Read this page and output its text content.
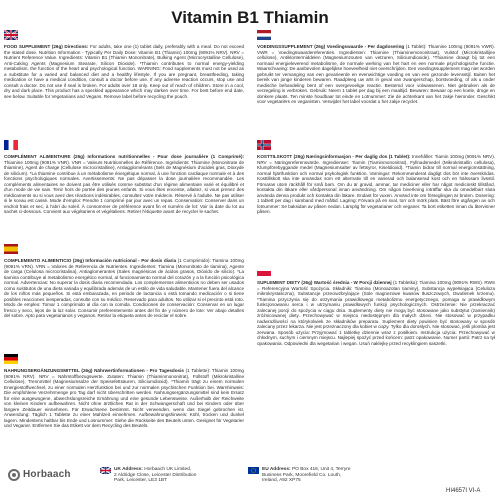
Vitamin B1 Thiamin
FOOD SUPPLEMENT (26g) Directions: For adults, take one (1) tablet daily, preferably with a meal. Do not exceed the stated dose. Nutrition Information - Typically Per Daily Dose: Vitamin B1 (Thiamin) 100mg (9091% NRV). NRV = Nutrient Reference Value. Ingredients: Vitamin B1 (Thiamin Mononitrate), Bulking Agent (Microcrystalline Cellulose), Anti-Caking Agents (Magnesium Stearate, Silicon Dioxide). *Thiamin contributes to normal energy-yielding metabolism, the function of the heart and psychological function. WARNING: Food supplements must not be used as a substitute for a varied and balanced diet and a healthy lifestyle. If you are pregnant, breastfeeding, taking medication or have a medical condition, consult a doctor before use. If any adverse reaction occurs, stop use and consult a doctor. Do not use if seal is broken. For adults over 18 only. Keep out of reach of children. Store in a cool, dry and dark place. This product has a speckled appearance which may darken over time. For best before end date, see below. Suitable for Vegetarians and Vegans. Remove label before recycling the pouch.
COMPLÉMENT ALIMENTAIRE (26g) Informations nutritionnelles - Pour dose journalière (1 Comprimé): Thiamine 100mg (9091% VNR). VNR = Valeurs Nutritionnelles de Référence. Ingrédients: Thiamine (Mononitrate de thiamine), Agent de charge (Cellulose microcristalline), Antiagglomérants (Sels de Magnésium d'acides gras, Dioxyde de silicium). *La thiamine contribue à un métabolisme énergétique normal, à une fonction cardiaque normale et à des fonctions psychologiques normales. Avertissements: Ne pas dépasser la dose journalière recommandée. Les compléments alimentaires ne doivent pas être utilisés comme substitut d'un régime alimentaire varié et équilibré et d'un mode de vie sain. Tenir hors de portée des jeunes enfants. Si vous êtes enceinte, allaitez, si vous prenez des médicaments ou si vous avez des réactions indésirables, consultez votre médecin. Réservé à l'adulte. Ne pas utiliser si le sceau est cassé. Mode d'emploi: Prendre 1 comprimé par jour avec un repas. Conservation: Conserver dans un endroit frais et sec, à l'abri du soleil. À consommer de préférence avant fin et numéro de lot: Voir la date du lot au sachet ci-dessous. Convient aux végétariens et végétaliens. Retirer l'étiquette avant de recycler le sachet.
COMPLEMENTO ALIMENTICIO (26g) Información nutricional - Por dosis diaria (1 Comprimido): Tiamina 100mg (9091% VRN). VRN = Valores de Referencia de Nutrientes. Ingredientes: Tiamina (Mononitrato de tiamina), Agente de carga (Celulosa microcristalina), Antiaglomerantes (Sales magnésicas de ácidos grasos, Dióxido de silicio). *La tiamina contribuye al metabolismo energético normal, al funcionamiento normal del corazón y a la función psicológica normal. Advertencias: No superar la dosis diaria recomendada. Los complementos alimenticios no deben ser usados como sustitutos de una dieta variada y equilibrada además de un estilo de vida saludable. Mantener fuera del alcance de los niños más pequeños. Si está embarazada, en periodo de lactancia o está tomando medicación o si tiene posibles reacciones inesperadas, consulte con su médico. Reservado para adultos. No utilizar si el precinto está roto. Modo de empleo: Tomar 1 comprimido al día con la comida. Condiciones de conservación: Conservar en un lugar fresco y seco, lejos de la luz solar. Consumir preferentemente antes del fin de y número de lote: Ver abajo detalles del sobre. Apto para vegetarianos y veganos. Retirar la etiqueta antes de reciclar el sobre.
NAHRUNGSERGÄNZUNGSMITTEL (26g) Nährwertinformationen - Pro Tagesdosis (1 Tablette): Thiamin 100mg (9091% NRV). NRV = Nährstoffbezugswerte. Zutaten: Thiamin (Thiaminmononitrat), Füllstoff (Mikrokristalline Cellulose), Trennmittel (Magnesiumsalze der Speisefettsäuren, Siliciumdioxid). *Thiamin trägt zu einem normalen Energiestoffwechsel, zu einer normalen Herzfunktion bei und zur normalen psychischen Funktion bei. Warnhinweis: Die empfohlene Verzehrmenge pro Tag darf nicht überschritten werden. Nahrungsergänzungsmittel sind kein Ersatz für eine ausgewogene, abwechslungsreiche Ernährung und eine gesunde Lebensweise. Außerhalb der Reichweite von kleinen Kindern aufbewahren. Nicht ohne ärztlichen Rat in der Schwangerschaft und bei Kindern oder über längere Zeitdauer einnehmen. Für Erwachsene bestimmt. Nicht verwenden, wenn das Siegel gebrochen ist. Anwendung: Täglich 1 Tablette zu einer Mahlzeit einnehmen. Aufbewahrungshinweis: Kühl, trocken und dunkel lagern. Mindestens haltbar bis Ende und Losnummer: Siehe die Rückseite des Beutels unten. Geeignet für Vegetarier und Veganer. Entfernen Sie das Etikett vor dem Recycling des Beutels.
VOEDINGSSUPPLEMENT (26g) Voedingswaarde - Per dagdosering (1 Tablet): Thiamine 100mg (9091% VWR). VWR = Voedingswaardereferenties. Ingrediënten: Thiamine (Thiaminemononitraat), Vulstof (Microkristallijne cellulose), Antiklontermiddelen (Magnesiumzouten van vetzuren, Siliciumdioxide). *Thiamine draagt bij tot een normaal energieleverend metabolisme, de normale werking van het hart en een normale psychologische functie. Waarschuwing: De aanbevolen dagelijkse hoeveelheid niet overschrijden. Een voedingssupplement mag niet worden gebruikt ter vervanging van een gevarieerde en evenwichtige voeding en van een gezonde levensstijl. Buiten het bereik van jonge kinderen bewaren. Raadpleeg uw arts in geval van zwangerschap, borstvoeding, of als u onder medische behandeling bent of een overgevoelige reactie. Bestemd voor volwassenen. Niet gebruiken als de verzegeling is verbroken. Gebruik: Neem 1 tablet per dag bij een maaltijd. Bewaren: Bewaar op een koele, droge en donkere plaats. Ten minste houdbaar tot einde en Lotnummer: Zie de achterkant van het zakje hieronder. Geschikt voor vegetariërs en veganisten. Verwijder het label voordat u het zakje recyclet.
KOSTTILSKOTT (26g) Næringsinformasjon - Per daglig dos (1 Tablet): Innehåller: Tiamin 100mg (9091% NRV). NRV = Näringsreferensvärde. Ingredienser: Tiamin (Tiaminmononitrat), Fyllnadsmedel (Mikrokristallin cellulosa), Klumpförebyggande medel (Magnesiumsalter av fettsyror, Kiseldioxid). *Tiamin bidrar till normal energiomsättning, normal hjärtfunktion och normal psykologisk funktion. Varningar: Rekommenderat dagligt dos bör inte överskridas. Kosttillskott ska inte användas som ett alternativ till en varierad och balanserad kost och en hälsosam livsstil. Förvaras utom räckhåll för små barn. Om du är gravid, ammar, tar mediciner eller har något medicinskt tillstånd, kontakta din läkare eller vårdpersonal innan användning. Om någon biverkning inträffar ska du omedelbart sluta använda denna produkt och kontakta din läkare. Endast för vuxen. Använd inte om förseglingen är bruten. Dosering: 1 tablett per dag i samband med måltid. Lagring: Förvara på en sval, torr och mörk plats. Bäst före utgången av och lotnummer: Se baksidan av påsen nedan. Lämplig för vegetarianer och veganer. Ta bort etiketten innan du återvinner påsen.
SUPLEMENT DIETY (26g) Wartość średnia - W Porcji dziennej (1 Tabletka): Tiamina 100mg (9091% RWS). RWS = Referencyjna Wartość Spożycia. Składniki: Tiamina (Monoazotan tiaminy), Substancja wypełniająca (Celuloza mikrokrystaliczna), Substancje przeciwzbrylające (Sole magnezowe kwasów tłuszczowych, Dwutlenek krzemu). *Tiamina przyczynia się do utrzymania prawidłowego metabolizmu energetycznego, pomaga w prawidłowym funkcjonowaniu serca i w utrzymaniu prawidłowych funkcji psychologicznych. Ostrzeżenie: Nie przekraczać zalecanej porcji do spożycia w ciągu dnia. Suplementy diety nie mogą być stosowane jako substytut (zamiennik) zróżnicowanej diety. Przechowywać w miejscu niedostępnym dla małych dzieci. Nie stosować w przypadku nadwrażliwości na którykolwiek ze składników preparatu. Suplement diety powinien być stosowany w sposób zalecany przez lekarza. Nie jest przeznaczony dla kobiet w ciąży. Tylko dla dorosłych. Nie stosować, jeśli plomba jest zerwana. Sposób użycia: Przyjmować 1 tabletkę dziennie wraz z posiłkiem. Instrukcja użycia: Przechowywać w chłodnym, suchym i ciemnym miejscu. Najlepiej spożyć przed końcem: patrz opakowanie. Numer partii: Patrz na tył opakowania. Odpowiedni dla wegetarian i wegan. Usuń naklejkę przed recyklingiem saszetki.
Horbaach	UK Address: Horbaach UK Limited,
2 Aldridge Close, Leicester Distribution
Park, Leicester, LE3 1BT
EU Address: PO Box 416, Unit 4, Terryre
Business Park, Moorefield Co. Louth,
Ireland, A92 XP75
HI4657I VI-A
